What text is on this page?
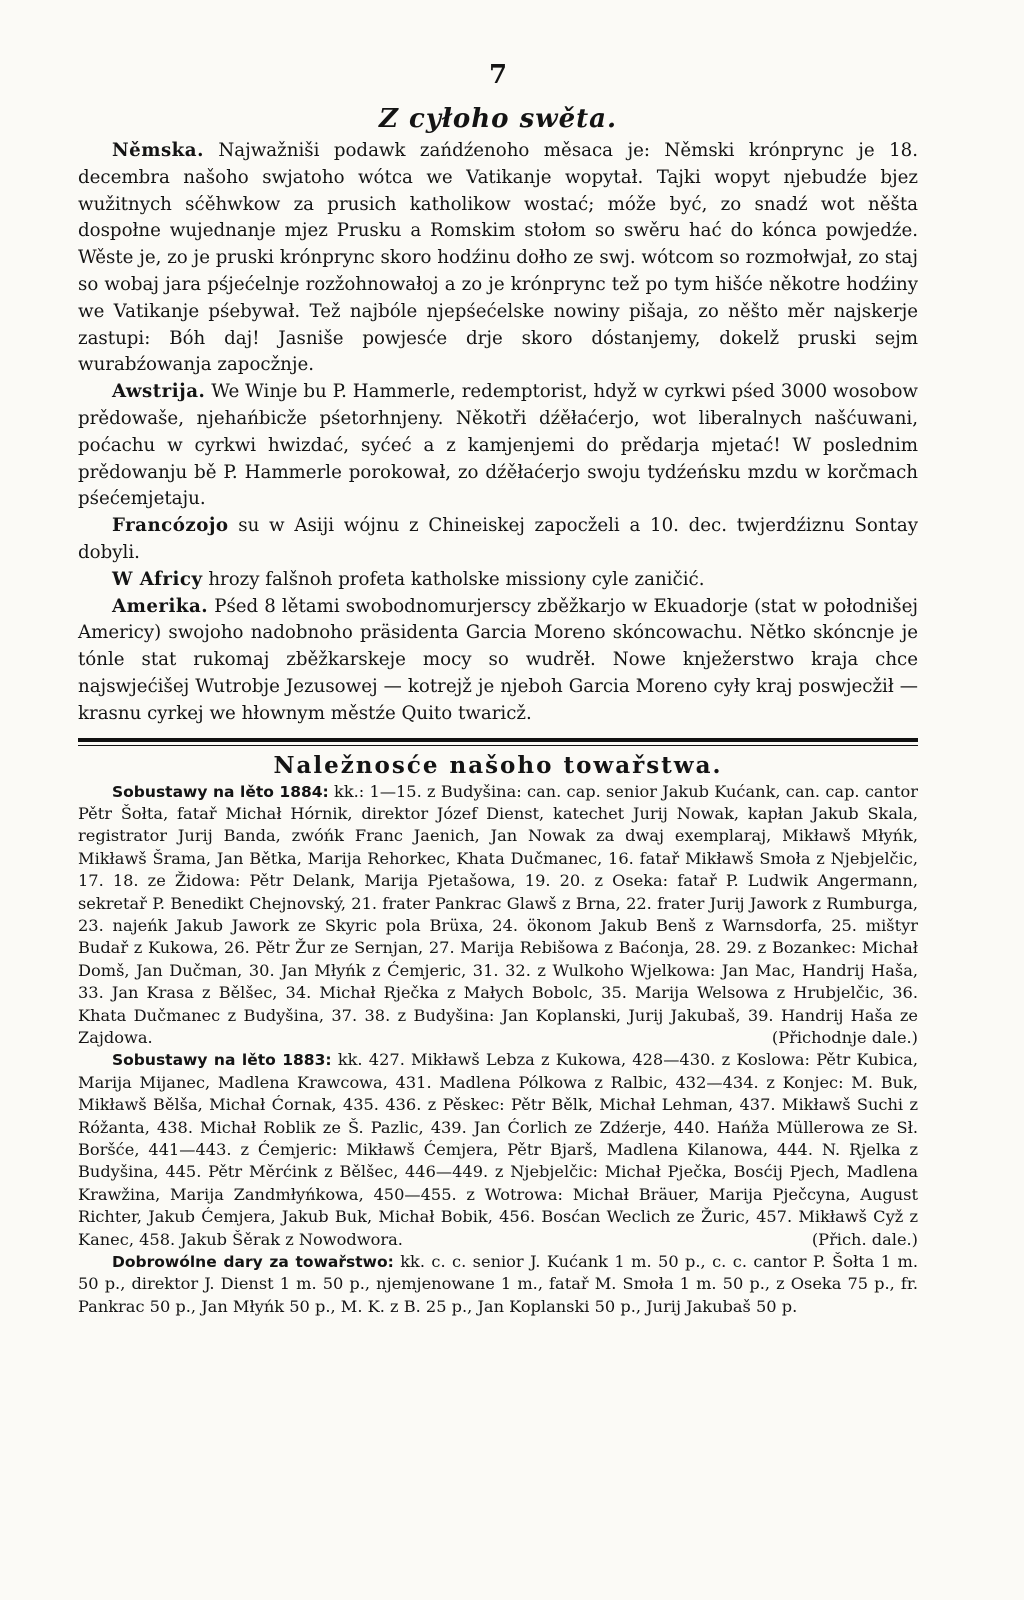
7
Z cyłoho swěta.

Němska. Najwažniši podawk zańdźenoho měsaca je: Němski krónprync je 18. decembra našoho swjatoho wótca we Vatikanje wopytał. Tajki wopyt njebudźe bjez wužitnych sćěhwkow za prusich katholikow wostać; móže być, zo snadź wot něšta dospołne wujednanje mjez Prusku a Romskim stołom so swěru hać do kónca powjedźe. Wěste je, zo je pruski krónprync skoro hodźinu dołho ze swj. wótcom so rozmołwjał, zo staj so wobaj jara pśjećelnje rozžohnowałoj a zo je krónprync tež po tym hišće někotre hodźiny we Vatikanje pśebywał. Tež najbóle njepśećelske nowiny pišaja, zo něšto měr najskerje zastupi: Bóh daj! Jasniše powjesće drje skoro dóstanjemy, dokelž pruski sejm wurabźowanja zapocžnje.

Awstrija. We Winje bu P. Hammerle, redemptorist, hdyž w cyrkwi pśed 3000 wosobow prědowaše, njehańbicže pśetorhnjeny. Někotři dźěłaćerjo, wot liberalnych našćuwani, poćachu w cyrkwi hwizdać, syćeć a z kamjenjemi do prědarja mjetać! W poslednim prědowanju bě P. Hammerle porokował, zo dźěłaćerjo swoju tydźeńsku mzdu w korčmach pśećemjetaju.

Francózojo su w Asiji wójnu z Chineiskej zapocželi a 10. dec. twjerdźiznu Sontay dobyli.

W Africy hrozy falšnoh profeta katholske missiony cyle zaničić.

Amerika. Pśed 8 lětami swobodnomurjerscy zběžkarjo w Ekuadorje (stat w połodnišej Americy) swojoho nadobnoho präsidenta Garcia Moreno skóncowachu. Nětko skóncnje je tónle stat rukomaj zběžkarskeje mocy so wudrěł. Nowe knježerstwo kraja chce najswjećišej Wutrobje Jezusowej — kotrejž je njeboh Garcia Moreno cyły kraj poswjecžił — krasnu cyrkej we hłownym městźe Quito twaricž.

Naležnosće našoho towařstwa.

Sobustawy na lěto 1884: kk.: 1—15. z Budyšina: can. cap. senior Jakub Kućank, can. cap. cantor Pětr Šołta, fatař Michał Hórnik, direktor Józef Dienst, katechet Jurij Nowak, kapłan Jakub Skala, registrator Jurij Banda, zwóńk Franc Jaenich, Jan Nowak za dwaj exemplaraj, Mikławš Młyńk, Mikławš Šrama, Jan Bětka, Marija Rehorkec, Khata Dučmanec, 16. fatař Mikławš Smoła z Njebjelčic, 17. 18. ze Židowa: Pětr Delank, Marija Pjetašowa, 19. 20. z Oseka: fatař P. Ludwik Angermann, sekretař P. Benedikt Chejnovský, 21. frater Pankrac Glawš z Brna, 22. frater Jurij Jawork z Rumburga, 23. najeńk Jakub Jawork ze Skyric pola Brüxa, 24. ökonom Jakub Benš z Warnsdorfa, 25. mištyr Budař z Kukowa, 26. Pětr Žur ze Sernjan, 27. Marija Rebišowa z Baćonja, 28. 29. z Bozankec: Michał Domš, Jan Dučman, 30. Jan Młyńk z Ćemjeric, 31. 32. z Wulkoho Wjelkowa: Jan Mac, Handrij Haša, 33. Jan Krasa z Bělšec, 34. Michał Rječka z Małych Bobolc, 35. Marija Welsowa z Hrubjelčic, 36. Khata Dučmanec z Budyšina, 37. 38. z Budyšina: Jan Koplanski, Jurij Jakubaš, 39. Handrij Haša ze Zajdowa.	(Přichodnje dale.)

Sobustawy na lěto 1883: kk. 427. Mikławš Lebza z Kukowa, 428—430. z Koslowa: Pětr Kubica, Marija Mijanec, Madlena Krawcowa, 431. Madlena Pólkowa z Ralbic, 432—434. z Konjec: M. Buk, Mikławš Bělša, Michał Ćornak, 435. 436. z Pěskec: Pětr Bělk, Michał Lehman, 437. Mikławš Suchi z Róžanta, 438. Michał Roblik ze Š. Pazlic, 439. Jan Ćorlich ze Zdźerje, 440. Hańža Müllerowa ze Sł. Boršće, 441—443. z Ćemjeric: Mikławš Ćemjera, Pětr Bjarš, Madlena Kilanowa, 444. N. Rjelka z Budyšina, 445. Pětr Měrćink z Bělšec, 446—449. z Njebjelčic: Michał Pječka, Bosćij Pjech, Madlena Krawžina, Marija Zandmłyńkowa, 450—455. z Wotrowa: Michał Bräuer, Marija Pječcyna, August Richter, Jakub Ćemjera, Jakub Buk, Michał Bobik, 456. Bosćan Weclich ze Žuric, 457. Mikławš Cyž z Kanec, 458. Jakub Šěrak z Nowodwora.	(Přich. dale.)

Dobrowólne dary za towařstwo: kk. c. c. senior J. Kućank 1 m. 50 p., c. c. cantor P. Šołta 1 m. 50 p., direktor J. Dienst 1 m. 50 p., njemjenowane 1 m., fatař M. Smoła 1 m. 50 p., z Oseka 75 p., fr. Pankrac 50 p., Jan Młyńk 50 p., M. K. z B. 25 p., Jan Koplanski 50 p., Jurij Jakubaš 50 p.
